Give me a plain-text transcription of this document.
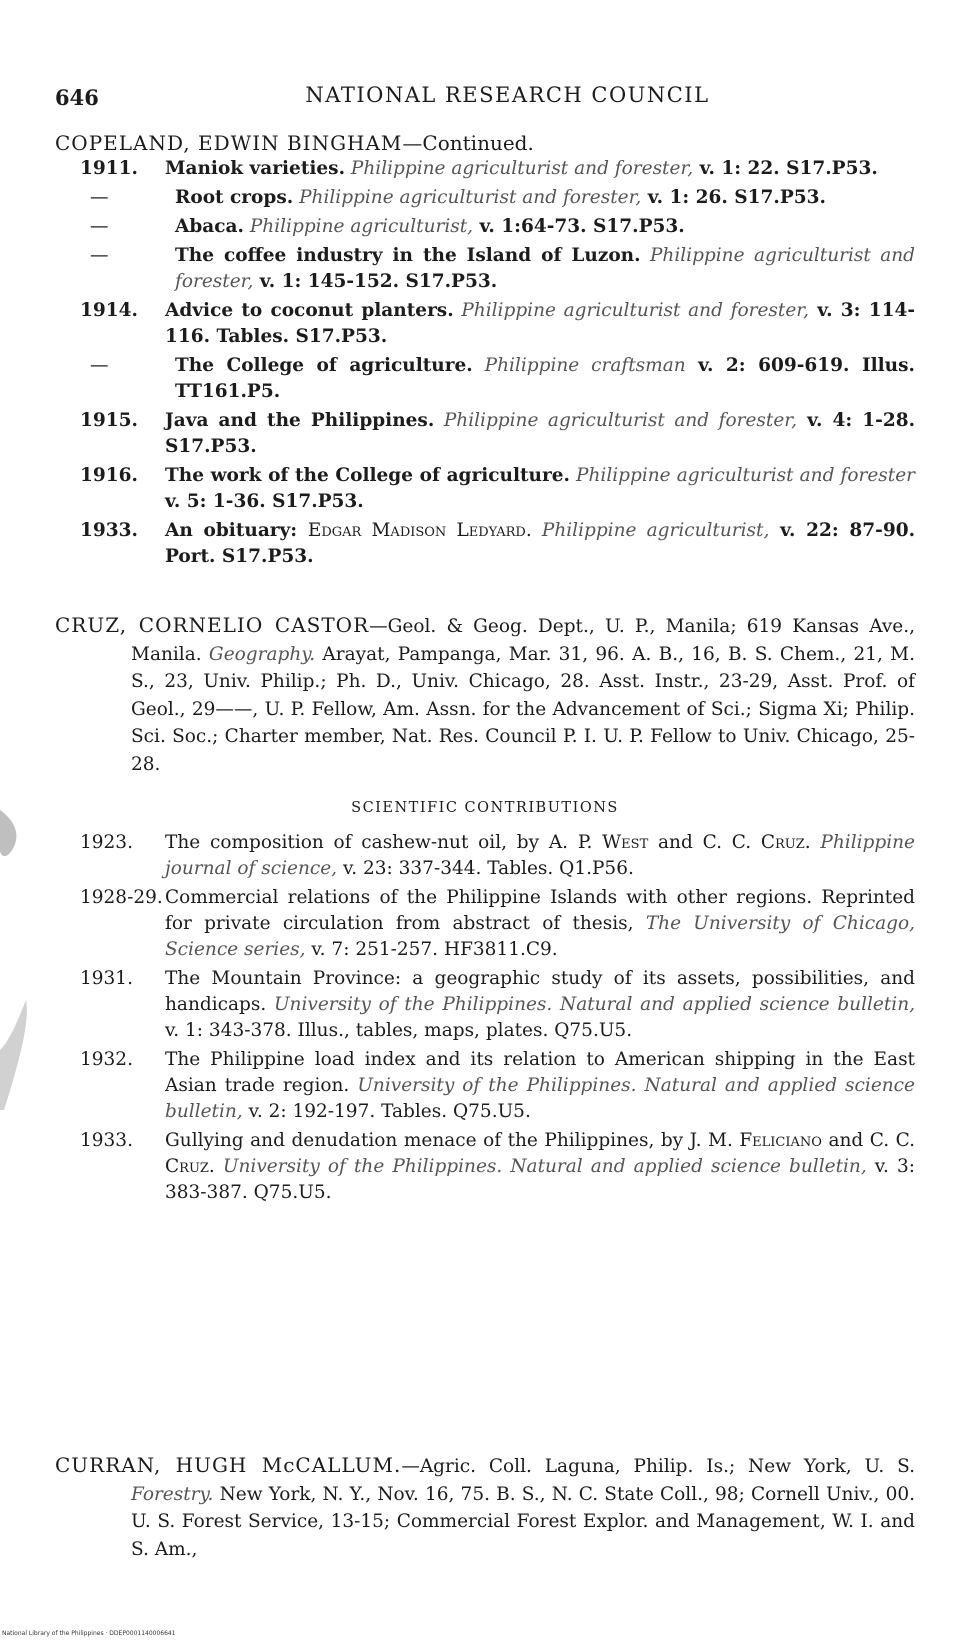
646	NATIONAL RESEARCH COUNCIL
COPELAND, EDWIN BINGHAM—Continued.
1911.	Maniok varieties. Philippine agriculturist and forester, v. 1: 22. S17.P53.
—	Root crops. Philippine agriculturist and forester, v. 1: 26. S17.P53.
—	Abaca. Philippine agriculturist, v. 1:64-73. S17.P53.
—	The coffee industry in the Island of Luzon. Philippine agriculturist and forester, v. 1: 145-152. S17.P53.
1914.	Advice to coconut planters. Philippine agriculturist and forester, v. 3: 114-116. Tables. S17.P53.
—	The College of agriculture. Philippine craftsman v. 2: 609-619. Illus. TT161.P5.
1915.	Java and the Philippines. Philippine agriculturist and forester, v. 4: 1-28. S17.P53.
1916.	The work of the College of agriculture. Philippine agriculturist and forester v. 5: 1-36. S17.P53.
1933.	An obituary: Edgar Madison Ledyard. Philippine agriculturist, v. 22: 87-90. Port. S17.P53.
CRUZ, CORNELIO CASTOR—Geol. & Geog. Dept., U. P., Manila; 619 Kansas Ave., Manila. Geography. Arayat, Pampanga, Mar. 31, 96. A. B., 16, B. S. Chem., 21, M. S., 23, Univ. Philip.; Ph. D., Univ. Chicago, 28. Asst. Instr., 23-29, Asst. Prof. of Geol., 29——, U. P. Fellow, Am. Assn. for the Advancement of Sci.; Sigma Xi; Philip. Sci. Soc.; Charter member, Nat. Res. Council P. I. U. P. Fellow to Univ. Chicago, 25-28.
SCIENTIFIC CONTRIBUTIONS
1923.	The composition of cashew-nut oil, by A. P. West and C. C. Cruz. Philippine journal of science, v. 23: 337-344. Tables. Q1.P56.
1928-29. Commercial relations of the Philippine Islands with other regions. Reprinted for private circulation from abstract of thesis, The University of Chicago, Science series, v. 7: 251-257. HF3811.C9.
1931.	The Mountain Province: a geographic study of its assets, possibilities, and handicaps. University of the Philippines. Natural and applied science bulletin, v. 1: 343-378. Illus., tables, maps, plates. Q75.U5.
1932.	The Philippine load index and its relation to American shipping in the East Asian trade region. University of the Philippines. Natural and applied science bulletin, v. 2: 192-197. Tables. Q75.U5.
1933.	Gullying and denudation menace of the Philippines, by J. M. Feliciano and C. C. Cruz. University of the Philippines. Natural and applied science bulletin, v. 3: 383-387. Q75.U5.
CURRAN, HUGH McCALLUM.—Agric. Coll. Laguna, Philip. Is.; New York, U. S. Forestry. New York, N. Y., Nov. 16, 75. B. S., N. C. State Coll., 98; Cornell Univ., 00. U. S. Forest Service, 13-15; Commercial Forest Explor. and Management, W. I. and S. Am.,
National Library of the Philippines · DDEP0001140006641
